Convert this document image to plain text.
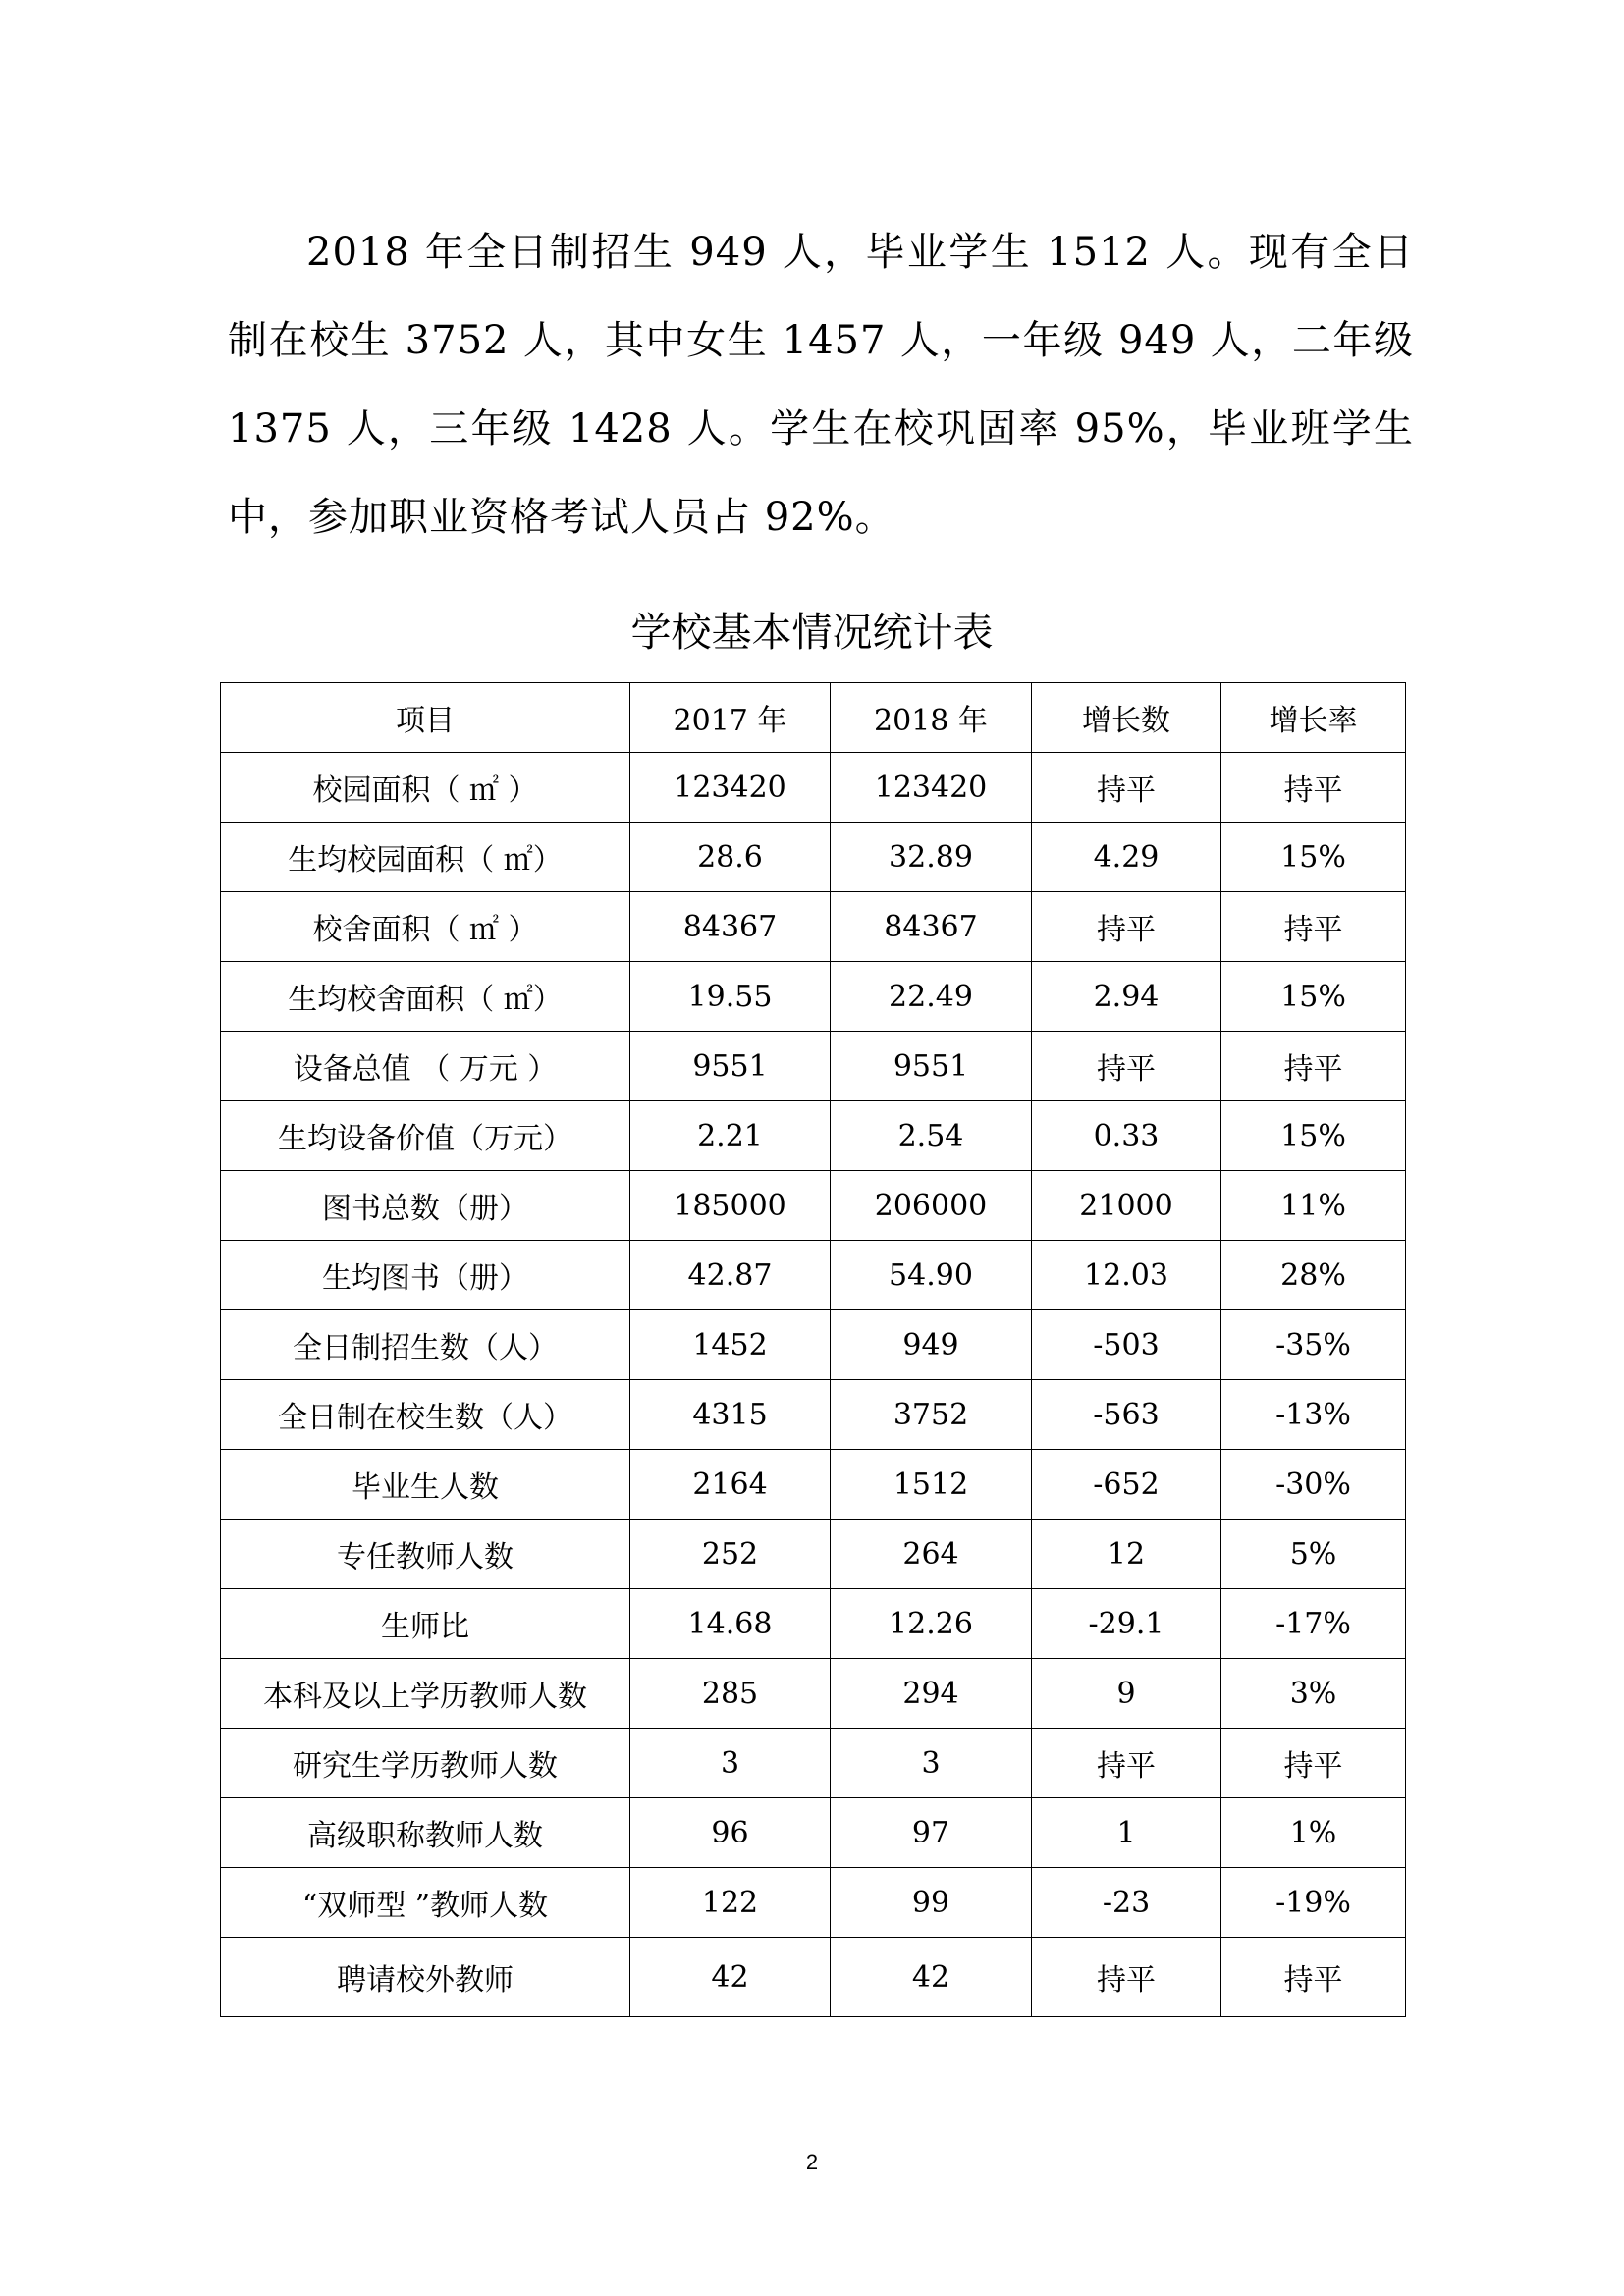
2018 年全日制招生 949 人，毕业学生 1512 人。现有全日制在校生 3752 人，其中女生 1457 人，一年级 949 人，二年级 1375 人，三年级 1428 人。学生在校巩固率 95%，毕业班学生中，参加职业资格考试人员占 92%。

学校基本情况统计表
项目	2017 年	2018 年	增长数	增长率
校园面积（ ㎡ ）	123420	123420	持平	持平
生均校园面积（ ㎡）	28.6	32.89	4.29	15%
校舍面积（ ㎡ ）	84367	84367	持平	持平
生均校舍面积（ ㎡）	19.55	22.49	2.94	15%
设备总值 （ 万元 ）	9551	9551	持平	持平
生均设备价值（万元）	2.21	2.54	0.33	15%
图书总数（册）	185000	206000	21000	11%
生均图书（册）	42.87	54.90	12.03	28%
全日制招生数（人）	1452	949	-503	-35%
全日制在校生数（人）	4315	3752	-563	-13%
毕业生人数	2164	1512	-652	-30%
专任教师人数	252	264	12	5%
生师比	14.68	12.26	-29.1	-17%
本科及以上学历教师人数	285	294	9	3%
研究生学历教师人数	3	3	持平	持平
高级职称教师人数	96	97	1	1%
“双师型 ”教师人数	122	99	-23	-19%
聘请校外教师	42	42	持平	持平
2
